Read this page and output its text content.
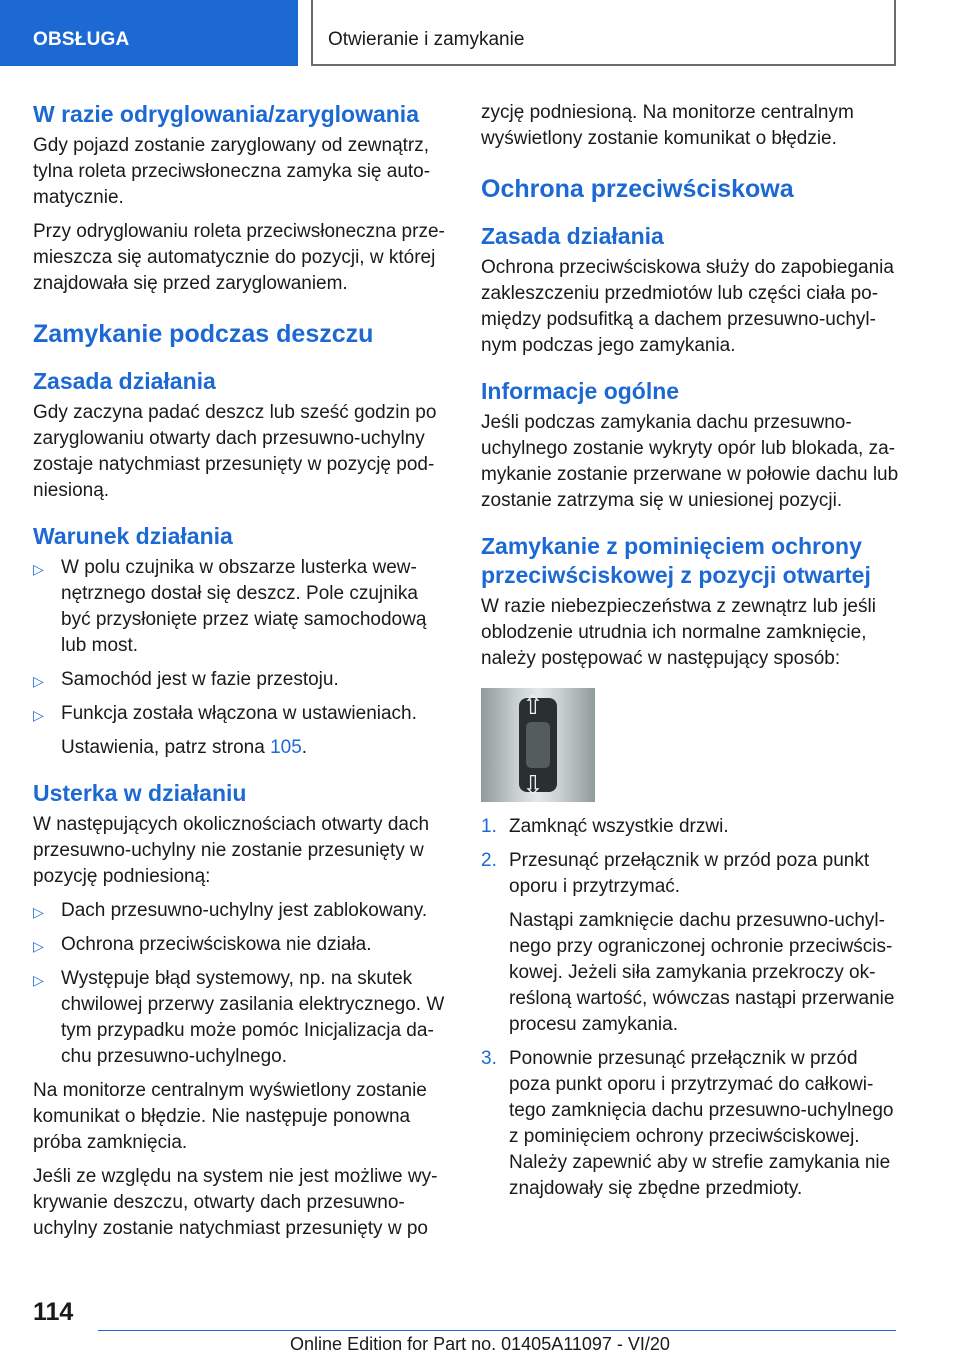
OBSŁUGA	Otwieranie i zamykanie
W razie odryglowania/zaryglowania

Gdy pojazd zostanie zaryglowany od zewnątrz, tylna roleta przeciwsłoneczna zamyka się automatycznie.

Przy odryglowaniu roleta przeciwsłoneczna przemieszcza się automatycznie do pozycji, w której znajdowała się przed zaryglowaniem.

Zamykanie podczas deszczu
Zasada działania

Gdy zaczyna padać deszcz lub sześć godzin po zaryglowaniu otwarty dach przesuwno-uchylny zostaje natychmiast przesunięty w pozycję podniesioną.

Warunek działania
▷ W polu czujnika w obszarze lusterka wewnętrznego dostał się deszcz. Pole czujnika być przysłonięte przez wiatę samochodową lub most.
▷ Samochód jest w fazie przestoju.
▷ Funkcja została włączona w ustawieniach.

Ustawienia, patrz strona 105.

Usterka w działaniu

W następujących okolicznościach otwarty dach przesuwno-uchylny nie zostanie przesunięty w pozycję podniesioną:

▷ Dach przesuwno-uchylny jest zablokowany.
▷ Ochrona przeciwściskowa nie działa.
▷ Występuje błąd systemowy, np. na skutek chwilowej przerwy zasilania elektrycznego. W tym przypadku może pomóc Inicjalizacja dachu przesuwno-uchylnego.

Na monitorze centralnym wyświetlony zostanie komunikat o błędzie. Nie następuje ponowna próba zamknięcia.

Jeśli ze względu na system nie jest możliwe wykrywanie deszczu, otwarty dach przesuwno-uchylny zostanie natychmiast przesunięty w po

zycję podniesioną. Na monitorze centralnym wyświetlony zostanie komunikat o błędzie.

Ochrona przeciwściskowa
Zasada działania

Ochrona przeciwściskowa służy do zapobiegania zakleszczeniu przedmiotów lub części ciała pomiędzy podsufitką a dachem przesuwno-uchylnym podczas jego zamykania.

Informacje ogólne

Jeśli podczas zamykania dachu przesuwno-uchylnego zostanie wykryty opór lub blokada, zamykanie zostanie przerwane w połowie dachu lub zostanie zatrzyma się w uniesionej pozycji.

Zamykanie z pominięciem ochrony przeciwściskowej z pozycji otwartej

W razie niebezpieczeństwa z zewnątrz lub jeśli oblodzenie utrudnia ich normalne zamknięcie, należy postępować w następujący sposób:

⇧
⇩
1. Zamknąć wszystkie drzwi.
2. Przesunąć przełącznik w przód poza punkt oporu i przytrzymać.

Nastąpi zamknięcie dachu przesuwno-uchylnego przy ograniczonej ochronie przeciwściskowej. Jeżeli siła zamykania przekroczy określoną wartość, wówczas nastąpi przerwanie procesu zamykania.

3. Ponownie przesunąć przełącznik w przód poza punkt oporu i przytrzymać do całkowitego zamknięcia dachu przesuwno-uchylnego z pominięciem ochrony przeciwściskowej. Należy zapewnić aby w strefie zamykania nie znajdowały się zbędne przedmioty.
114
Online Edition for Part no. 01405A11097 - VI/20
